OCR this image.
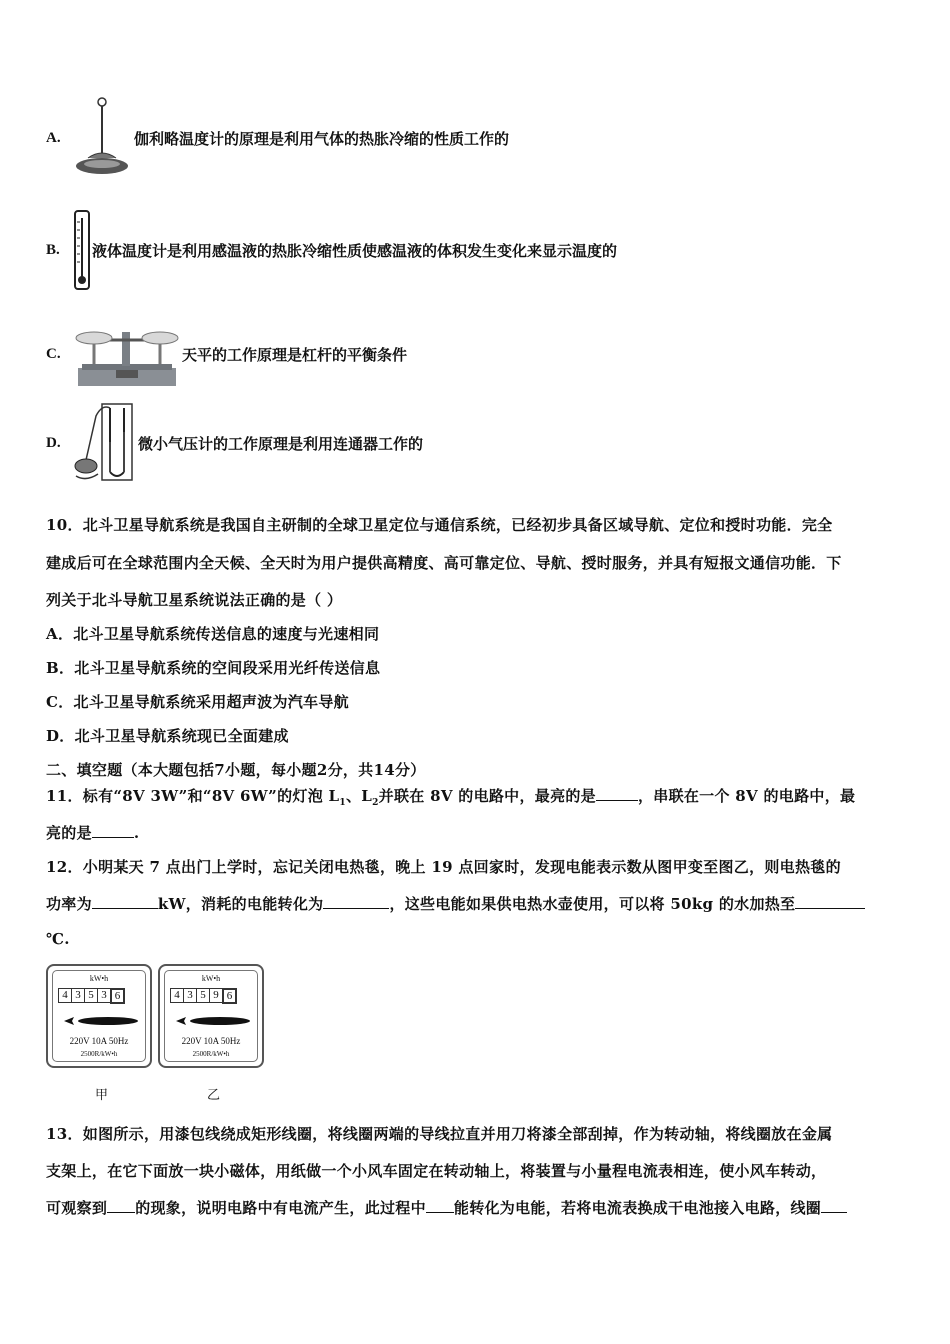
A.	伽利略温度计的原理是利用气体的热胀冷缩的性质工作的
B.	液体温度计是利用感温液的热胀冷缩性质使感温液的体积发生变化来显示温度的
C.	天平的工作原理是杠杆的平衡条件
D.	微小气压计的工作原理是利用连通器工作的
10．北斗卫星导航系统是我国自主研制的全球卫星定位与通信系统，已经初步具备区域导航、定位和授时功能．完全
建成后可在全球范围内全天候、全天时为用户提供高精度、高可靠定位、导航、授时服务，并具有短报文通信功能．下
列关于北斗导航卫星系统说法正确的是（ ）
A．北斗卫星导航系统传送信息的速度与光速相同
B．北斗卫星导航系统的空间段采用光纤传送信息
C．北斗卫星导航系统采用超声波为汽车导航
D．北斗卫星导航系统现已全面建成
二、填空题（本大题包括7小题，每小题2分，共14分）
11．标有“8V 3W”和“8V 6W”的灯泡 $L_1$、$L_2$并联在 8V 的电路中，最亮的是	，串联在一个 8V 的电路中，最
亮的是	.
12．小明某天 7 点出门上学时，忘记关闭电热毯，晚上 19 点回家时，发现电能表示数从图甲变至图乙，则电热毯的
功率为	kW，消耗的电能转化为	，这些电能如果供电热水壶使用，可以将 50kg 的水加热至
℃.
kW•h
4 3 5 3 6
220V 10A 50Hz
2500R/kW•h
kW•h
4 3 5 9 6
220V 10A 50Hz
2500R/kW•h
甲	乙
13．如图所示，用漆包线绕成矩形线圈，将线圈两端的导线拉直并用刀将漆全部刮掉，作为转动轴，将线圈放在金属
支架上，在它下面放一块小磁体，用纸做一个小风车固定在转动轴上，将装置与小量程电流表相连，使小风车转动，
可观察到 的现象，说明电路中有电流产生，此过程中 能转化为电能，若将电流表换成干电池接入电路，线圈
